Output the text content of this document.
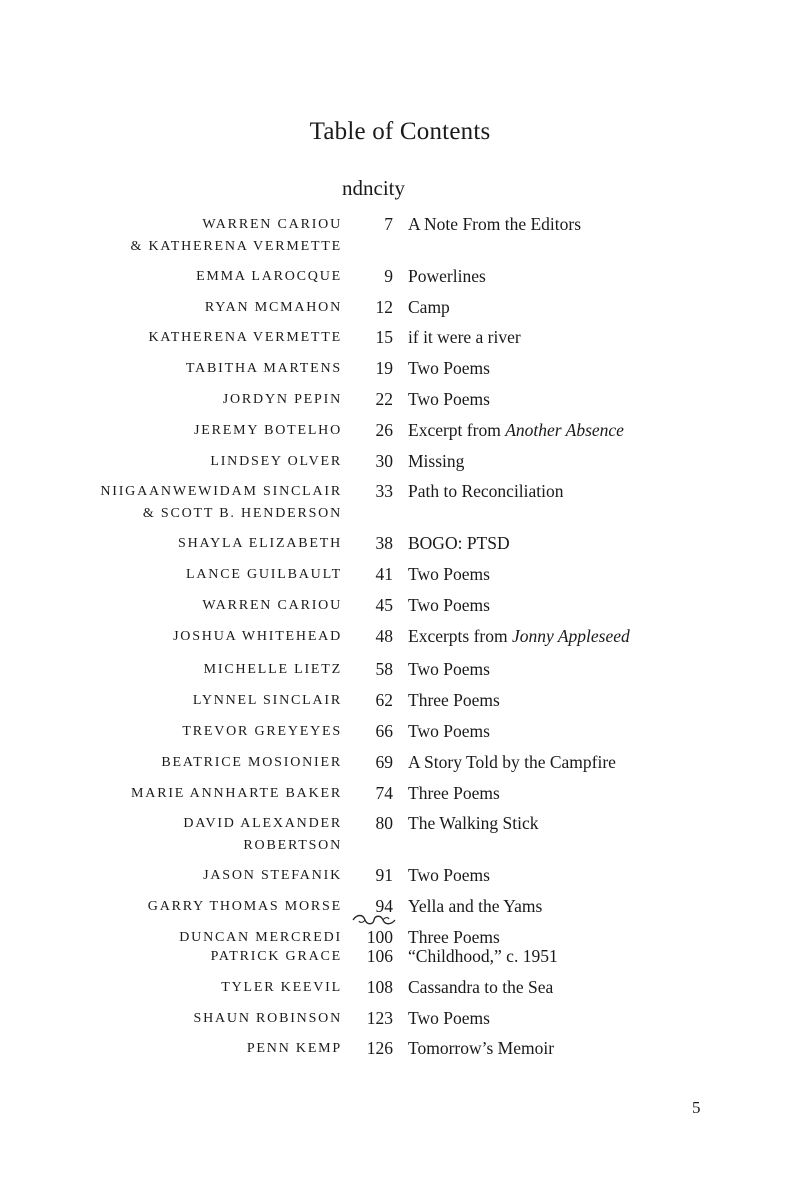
Table of Contents
ndncity
WARREN CARIOU
& KATHERENA VERMETTE
7 A Note From the Editors
EMMA LAROCQUE	9 Powerlines
RYAN MCMAHON	12 Camp
KATHERENA VERMETTE	15 if it were a river
TABITHA MARTENS	19 Two Poems
JORDYN PEPIN	22 Two Poems
JEREMY BOTELHO	26 Excerpt from Another Absence
LINDSEY OLVER	30 Missing
NIIGAANWEWIDAM SINCLAIR
& SCOTT B. HENDERSON
33 Path to Reconciliation
SHAYLA ELIZABETH	38 BOGO: PTSD
LANCE GUILBAULT	41 Two Poems
WARREN CARIOU	45 Two Poems
JOSHUA WHITEHEAD	48 Excerpts from Jonny Appleseed
MICHELLE LIETZ	58 Two Poems
LYNNEL SINCLAIR	62 Three Poems
TREVOR GREYEYES	66 Two Poems
BEATRICE MOSIONIER	69 A Story Told by the Campfire
MARIE ANNHARTE BAKER	74 Three Poems
DAVID ALEXANDER
ROBERTSON
80 The Walking Stick
JASON STEFANIK	91 Two Poems
GARRY THOMAS MORSE	94 Yella and the Yams
DUNCAN MERCREDI	100 Three Poems
PATRICK GRACE	106 “Childhood,” c. 1951
TYLER KEEVIL	108 Cassandra to the Sea
SHAUN ROBINSON	123 Two Poems
PENN KEMP	126 Tomorrow’s Memoir
5
